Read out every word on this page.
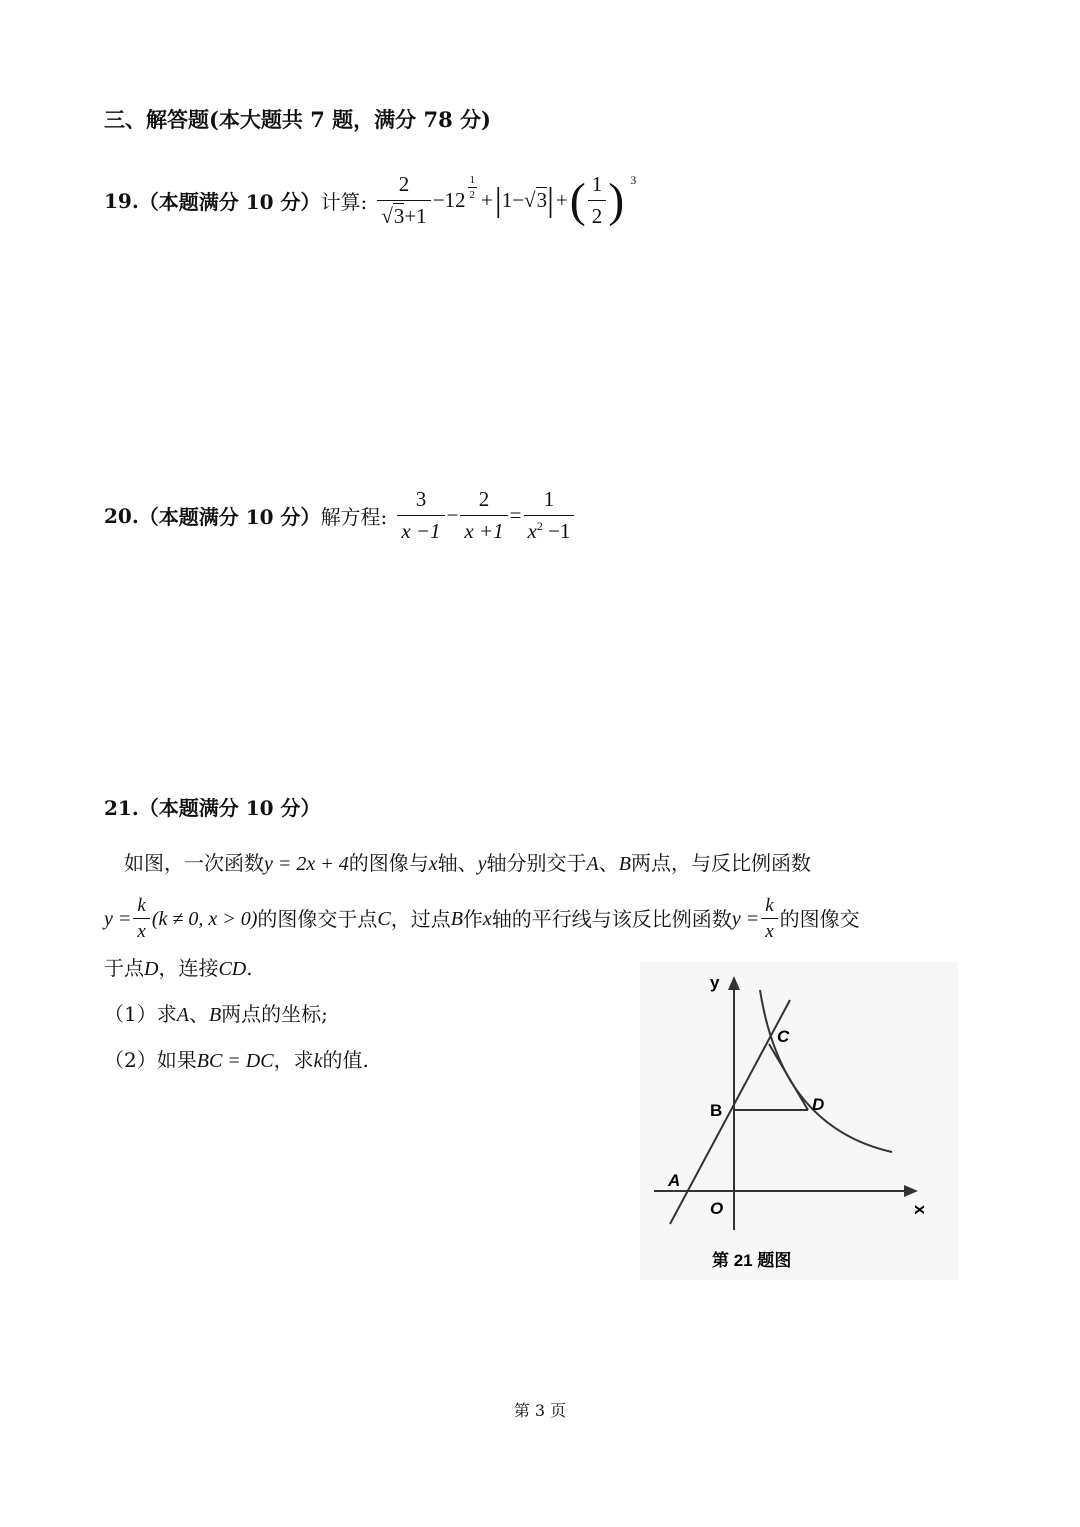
三、解答题(本大题共 7 题，满分 78 分)
19. （本题满分 10 分） 计算: $\frac{2}{√3+1} -12 \frac{1}{2}$ + | 1−√3 | + ( $\frac{1}{2}$ ) 3
20. （本题满分 10 分） 解方程: $\frac{3}{x -1} - \frac{2}{x +1} = \frac{1}{x^2 -1}$
21.（本题满分 10 分）
如图，一次函数y = 2x + 4的图像与x轴、y轴分别交于A、B两点，与反比例函数
$y = \frac{k}{x} (k \ne 0$, x > 0) 的图像交于点 C ，过点 B 作 x 轴的平行线与该反比例函数 $y = \frac{k}{x}$ 的图像交
于点D，连接CD.
（1）求A、B两点的坐标;
（2）如果BC = DC，求k的值.
y
x
O
A
B
C
D
第 21 题图
第 3 页
